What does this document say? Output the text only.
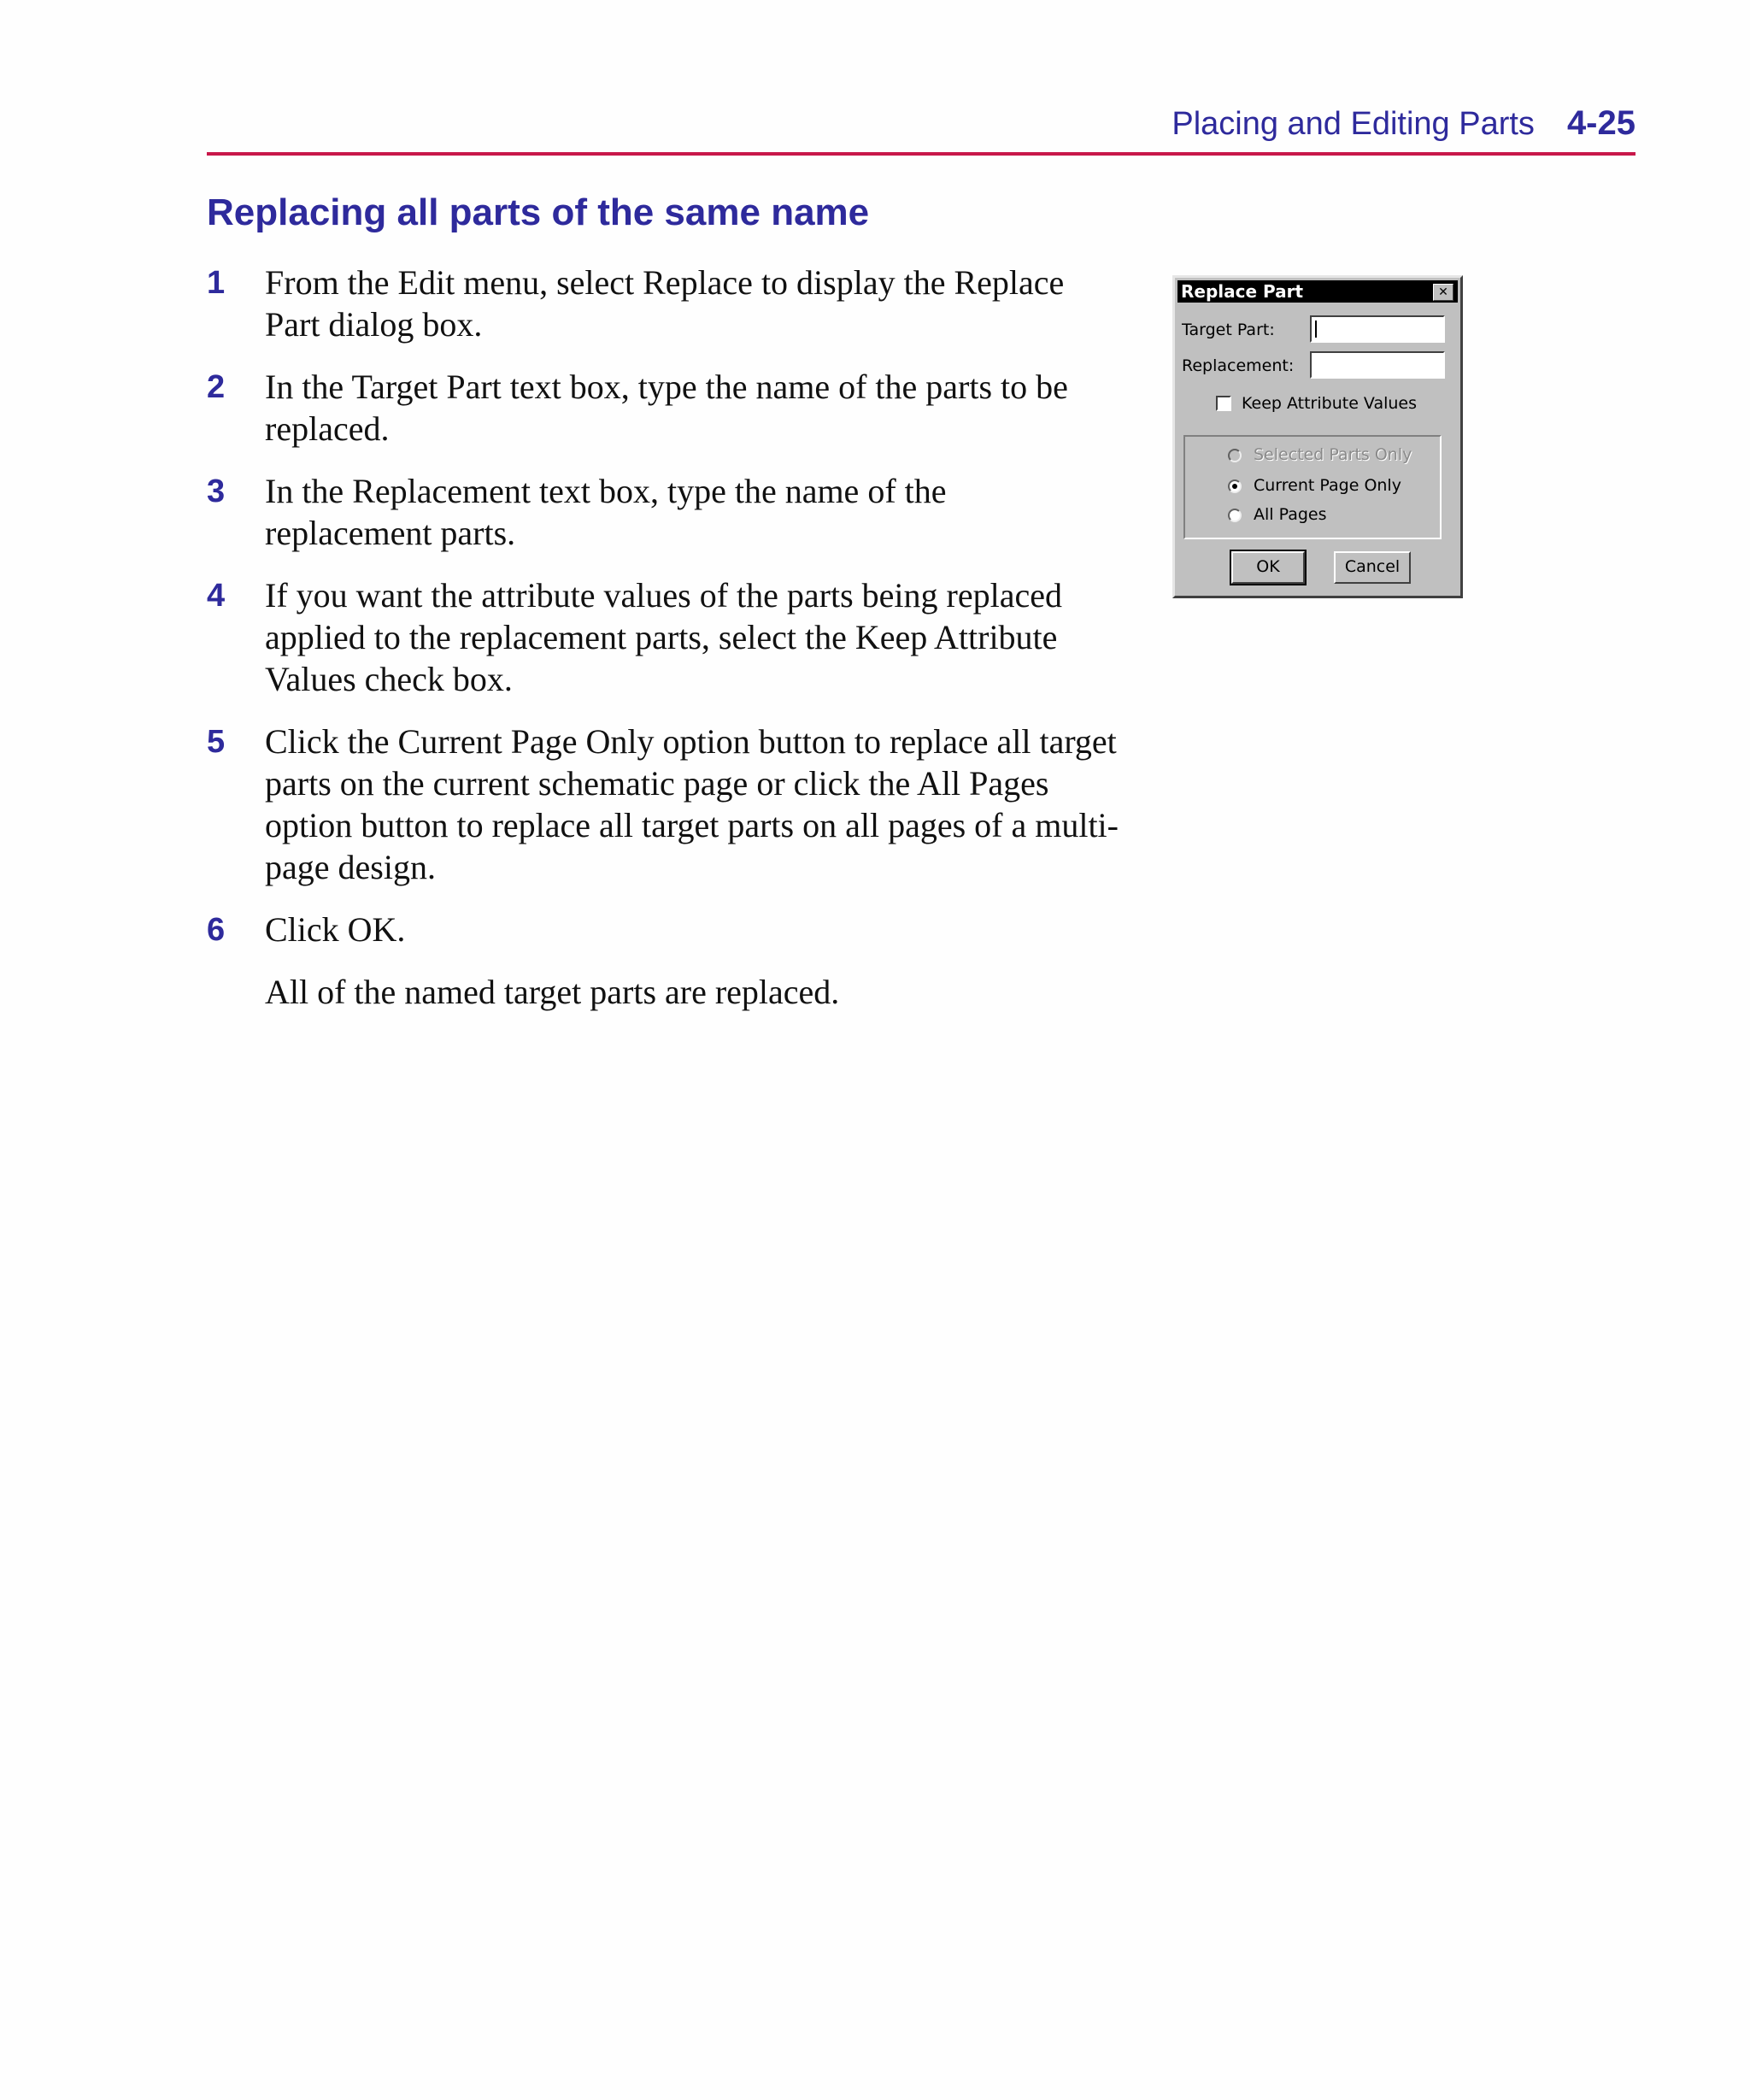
Placing and Editing Parts 4-25
Replacing all parts of the same name
1 From the Edit menu, select Replace to display the Replace Part dialog box.
2 In the Target Part text box, type the name of the parts to be replaced.
3 In the Replacement text box, type the name of the replacement parts.
4 If you want the attribute values of the parts being replaced applied to the replacement parts, select the Keep Attribute Values check box.
5 Click the Current Page Only option button to replace all target parts on the current schematic page or click the All Pages option button to replace all target parts on all pages of a multi-page design.
6 Click OK.
All of the named target parts are replaced.
Replace Part	✕
Target Part:
Replacement:
Keep Attribute Values
Selected Parts Only
Current Page Only
All Pages
OK	Cancel
